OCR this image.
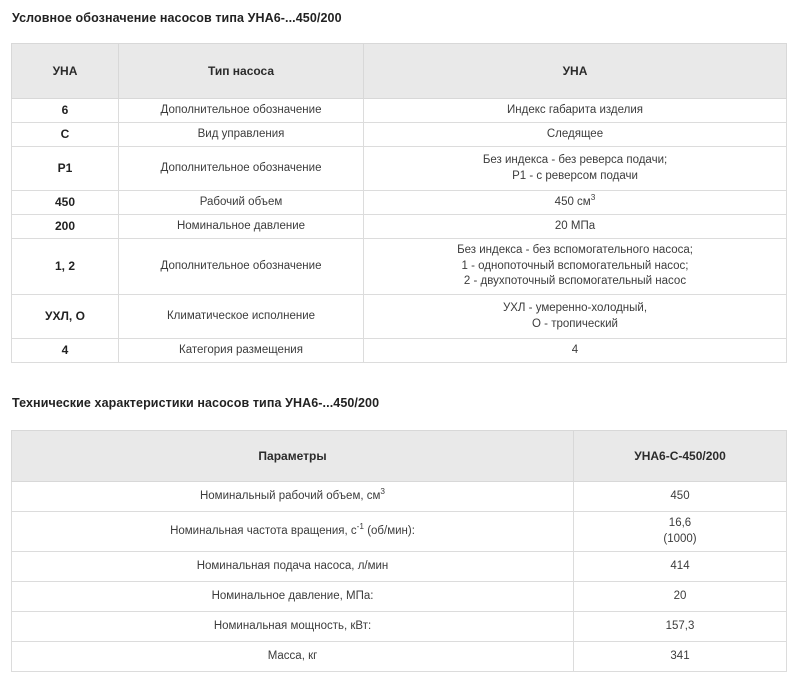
Условное обозначение насосов типа УНА6-...450/200
УНА	Тип насоса	УНА
6	Дополнительное обозначение	Индекс габарита изделия
С	Вид управления	Следящее
Р1	Дополнительное обозначение	Без индекса - без реверса подачи;
Р1 - с реверсом подачи

450	Рабочий объем	450 $см^3$
200	Номинальное давление	20 МПа
1, 2	Дополнительное обозначение	Без индекса - без вспомогательного насоса;
1 - однопоточный вспомогательный насос;
2 - двухпоточный вспомогательный насос

УХЛ, О	Климатическое исполнение	УХЛ - умеренно-холодный,
О - тропический

4	Категория размещения	4
Технические характеристики насосов типа УНА6-...450/200
Параметры	УНА6-С-450/200
Номинальный рабочий объем, $см^3$	450
Номинальная частота вращения, $с^{-1}$ (об/мин):	16,6
(1000)

Номинальная подача насоса, л/мин	414
Номинальное давление, МПа:	20
Номинальная мощность, кВт:	157,3
Масса, кг	341
